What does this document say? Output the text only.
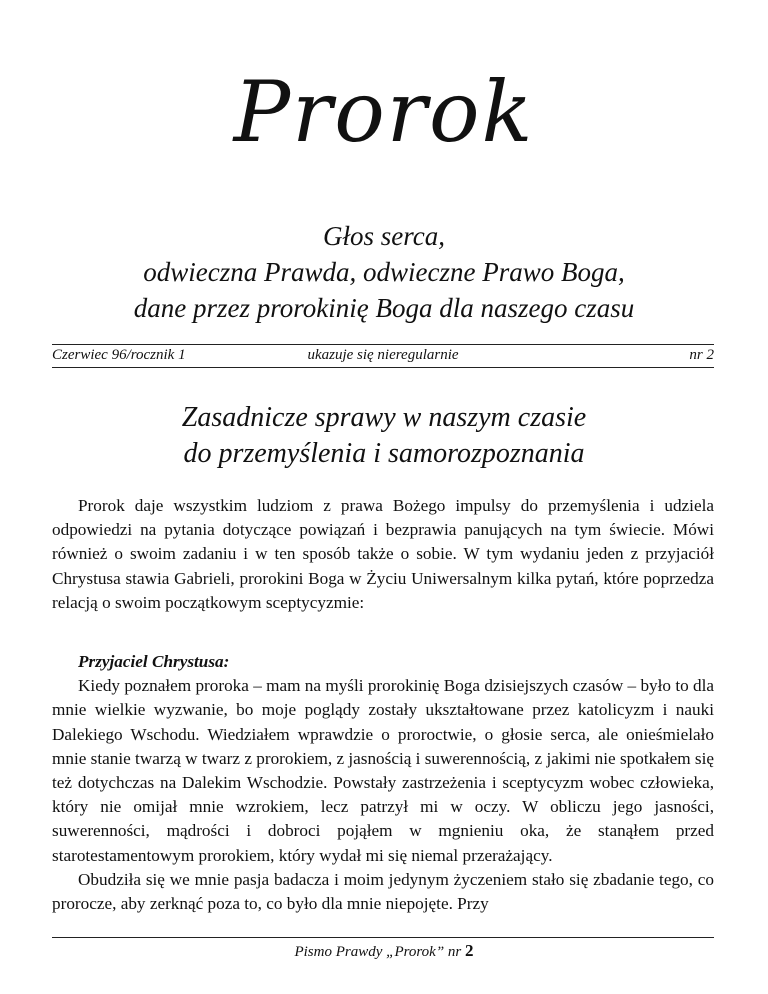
Prorok
Głos serca,
odwieczna Prawda, odwieczne Prawo Boga,
dane przez prorokinię Boga dla naszego czasu
ukazuje się nieregularnie
Czerwiec 96/rocznik 1	nr 2
Zasadnicze sprawy w naszym czasie
do przemyślenia i samorozpoznania

Prorok daje wszystkim ludziom z prawa Bożego impulsy do przemyślenia i udziela odpowiedzi na pytania dotyczące powiązań i bezprawia panujących na tym świecie. Mówi również o swoim zadaniu i w ten sposób także o sobie. W tym wydaniu jeden z przyjaciół Chrystusa stawia Gabrieli, prorokini Boga w Życiu Uniwersalnym kilka pytań, które poprzedza relacją o swoim początkowym sceptycyzmie:

Przyjaciel Chrystusa:

Kiedy poznałem proroka – mam na myśli prorokinię Boga dzisiejszych czasów – było to dla mnie wielkie wyzwanie, bo moje poglądy zostały ukształtowane przez katolicyzm i nauki Dalekiego Wschodu. Wiedziałem wprawdzie o proroctwie, o głosie serca, ale onieśmielało mnie stanie twarzą w twarz z prorokiem, z jasnością i suwerennością, z jakimi nie spotkałem się też dotychczas na Dalekim Wschodzie. Powstały zastrzeżenia i sceptycyzm wobec człowieka, który nie omijał mnie wzrokiem, lecz patrzył mi w oczy. W obliczu jego jasności, suwerenności, mądrości i dobroci pojąłem w mgnieniu oka, że stanąłem przed starotestamentowym prorokiem, który wydał mi się niemal przerażający.

Obudziła się we mnie pasja badacza i moim jedynym życzeniem stało się zbadanie tego, co prorocze, aby zerknąć poza to, co było dla mnie niepojęte. Przy

Pismo Prawdy „Prorok” nr 2
